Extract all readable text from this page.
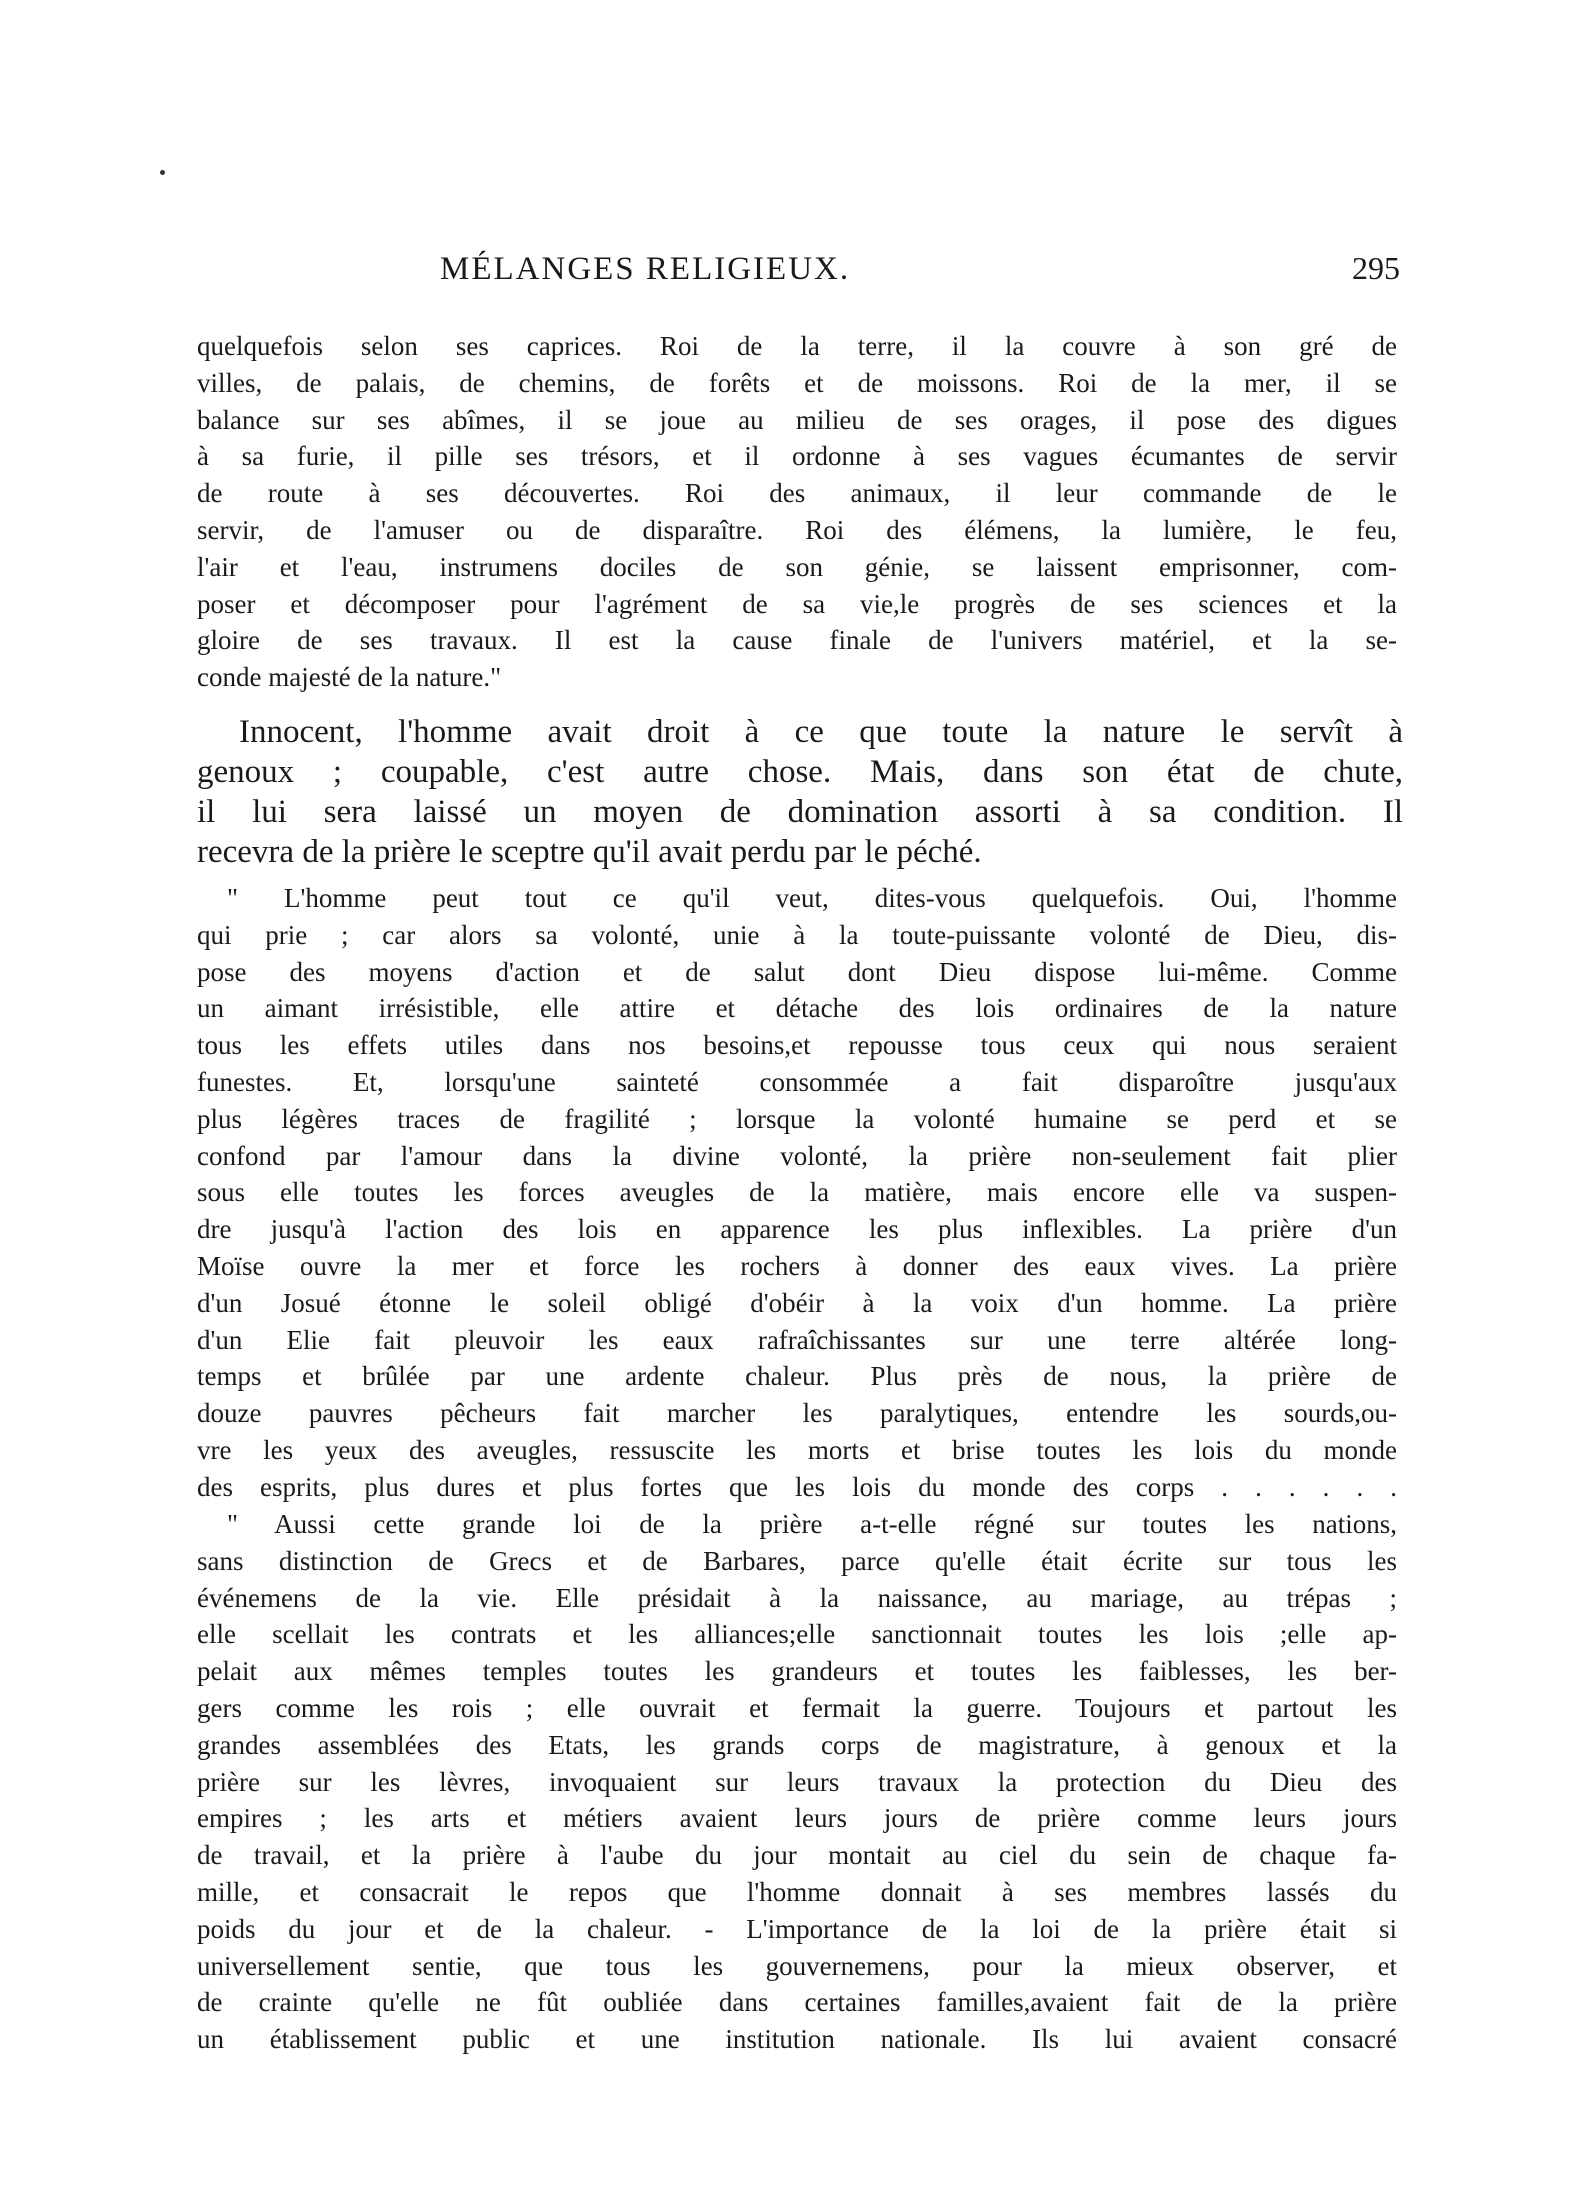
MÉLANGES RELIGIEUX.	295
quelquefois selon ses caprices. Roi de la terre, il la couvre à son gré de
villes, de palais, de chemins, de forêts et de moissons. Roi de la mer, il se
balance sur ses abîmes, il se joue au milieu de ses orages, il pose des digues
à sa furie, il pille ses trésors, et il ordonne à ses vagues écumantes de servir
de route à ses découvertes. Roi des animaux, il leur commande de le
servir, de l'amuser ou de disparaître. Roi des élémens, la lumière, le feu,
l'air et l'eau, instrumens dociles de son génie, se laissent emprisonner, com-
poser et décomposer pour l'agrément de sa vie,le progrès de ses sciences et la
gloire de ses travaux. Il est la cause finale de l'univers matériel, et la se-
conde majesté de la nature."
Innocent, l'homme avait droit à ce que toute la nature le servît à
genoux ; coupable, c'est autre chose. Mais, dans son état de chute,
il lui sera laissé un moyen de domination assorti à sa condition. Il
recevra de la prière le sceptre qu'il avait perdu par le péché.
" L'homme peut tout ce qu'il veut, dites-vous quelquefois. Oui, l'homme
qui prie ; car alors sa volonté, unie à la toute-puissante volonté de Dieu, dis-
pose des moyens d'action et de salut dont Dieu dispose lui-même. Comme
un aimant irrésistible, elle attire et détache des lois ordinaires de la nature
tous les effets utiles dans nos besoins,et repousse tous ceux qui nous seraient
funestes. Et, lorsqu'une sainteté consommée a fait disparoître jusqu'aux
plus légères traces de fragilité ; lorsque la volonté humaine se perd et se
confond par l'amour dans la divine volonté, la prière non-seulement fait plier
sous elle toutes les forces aveugles de la matière, mais encore elle va suspen-
dre jusqu'à l'action des lois en apparence les plus inflexibles. La prière d'un
Moïse ouvre la mer et force les rochers à donner des eaux vives. La prière
d'un Josué étonne le soleil obligé d'obéir à la voix d'un homme. La prière
d'un Elie fait pleuvoir les eaux rafraîchissantes sur une terre altérée long-
temps et brûlée par une ardente chaleur. Plus près de nous, la prière de
douze pauvres pêcheurs fait marcher les paralytiques, entendre les sourds,ou-
vre les yeux des aveugles, ressuscite les morts et brise toutes les lois du monde
des esprits, plus dures et plus fortes que les lois du monde des corps . . . . . .
" Aussi cette grande loi de la prière a-t-elle régné sur toutes les nations,
sans distinction de Grecs et de Barbares, parce qu'elle était écrite sur tous les
événemens de la vie. Elle présidait à la naissance, au mariage, au trépas ;
elle scellait les contrats et les alliances;elle sanctionnait toutes les lois ;elle ap-
pelait aux mêmes temples toutes les grandeurs et toutes les faiblesses, les ber-
gers comme les rois ; elle ouvrait et fermait la guerre. Toujours et partout les
grandes assemblées des Etats, les grands corps de magistrature, à genoux et la
prière sur les lèvres, invoquaient sur leurs travaux la protection du Dieu des
empires ; les arts et métiers avaient leurs jours de prière comme leurs jours
de travail, et la prière à l'aube du jour montait au ciel du sein de chaque fa-
mille, et consacrait le repos que l'homme donnait à ses membres lassés du
poids du jour et de la chaleur. - L'importance de la loi de la prière était si
universellement sentie, que tous les gouvernemens, pour la mieux observer, et
de crainte qu'elle ne fût oubliée dans certaines familles,avaient fait de la prière
un établissement public et une institution nationale. Ils lui avaient consacré
